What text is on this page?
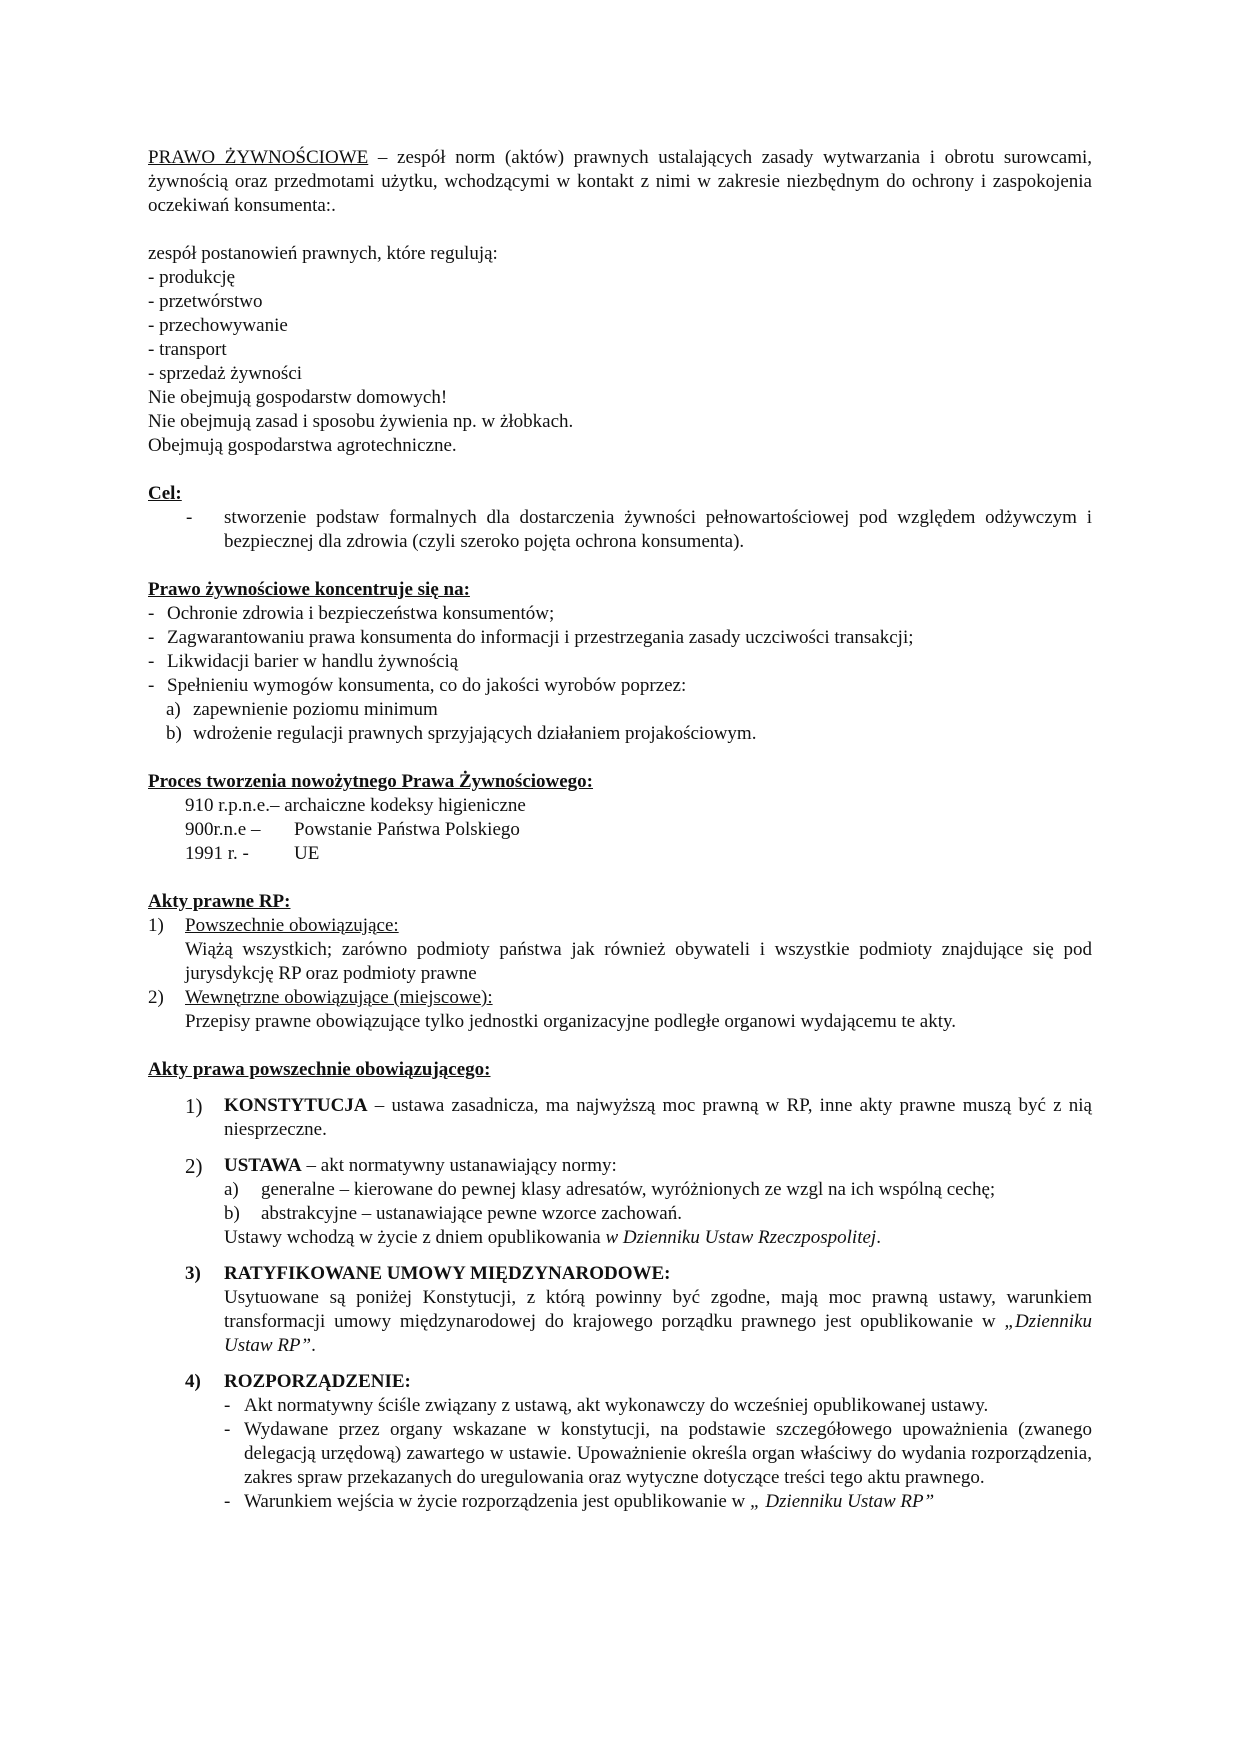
PRAWO ŻYWNOŚCIOWE – zespół norm (aktów) prawnych ustalających zasady wytwarzania i obrotu surowcami, żywnością oraz przedmotami użytku, wchodzącymi w kontakt z nimi w zakresie niezbędnym do ochrony i zaspokojenia oczekiwań konsumenta:.

zespół postanowień prawnych, które regulują:

- produkcję

- przetwórstwo

- przechowywanie

- transport

- sprzedaż żywności

Nie obejmują gospodarstw domowych!

Nie obejmują zasad i sposobu żywienia np. w żłobkach.

Obejmują gospodarstwa agrotechniczne.

Cel:

-	stworzenie podstaw formalnych dla dostarczenia żywności pełnowartościowej pod względem odżywczym i bezpiecznej dla zdrowia (czyli szeroko pojęta ochrona konsumenta).

Prawo żywnościowe koncentruje się na:

- Ochronie zdrowia i bezpieczeństwa konsumentów;
- Zagwarantowaniu prawa konsumenta do informacji i przestrzegania zasady uczciwości transakcji;
- Likwidacji barier w handlu żywnością
- Spełnieniu wymogów konsumenta, co do jakości wyrobów poprzez:
a) zapewnienie poziomu minimum
b) wdrożenie regulacji prawnych sprzyjających działaniem projakościowym.

Proces tworzenia nowożytnego Prawa Żywnościowego:

910 r.p.n.e. – archaiczne kodeksy higieniczne
900r.n.e –	Powstanie Państwa Polskiego
1991 r. -	UE

Akty prawne RP:

1)	Powszechnie obowiązujące:

Wiążą wszystkich; zarówno podmioty państwa jak również obywateli i wszystkie podmioty znajdujące się pod jurysdykcję RP oraz podmioty prawne

2)	Wewnętrzne obowiązujące (miejscowe):

Przepisy prawne obowiązujące tylko jednostki organizacyjne podległe organowi wydającemu te akty.

Akty prawa powszechnie obowiązującego:

1)	KONSTYTUCJA – ustawa zasadnicza, ma najwyższą moc prawną w RP, inne akty prawne muszą być z nią niesprzeczne.

2)	USTAWA – akt normatywny ustanawiający normy:

a)	generalne – kierowane do pewnej klasy adresatów, wyróżnionych ze wzgl na ich wspólną cechę;
b)	abstrakcyjne – ustanawiające pewne wzorce zachowań.

Ustawy wchodzą w życie z dniem opublikowania w Dzienniku Ustaw Rzeczpospolitej.

3)	RATYFIKOWANE UMOWY MIĘDZYNARODOWE:

Usytuowane są poniżej Konstytucji, z którą powinny być zgodne, mają moc prawną ustawy, warunkiem transformacji umowy międzynarodowej do krajowego porządku prawnego jest opublikowanie w „Dzienniku Ustaw RP”.

4)	ROZPORZĄDZENIE:

- Akt normatywny ściśle związany z ustawą, akt wykonawczy do wcześniej opublikowanej ustawy.
- Wydawane przez organy wskazane w konstytucji, na podstawie szczegółowego upoważnienia (zwanego delegacją urzędową) zawartego w ustawie. Upoważnienie określa organ właściwy do wydania rozporządzenia, zakres spraw przekazanych do uregulowania oraz wytyczne dotyczące treści tego aktu prawnego.
- Warunkiem wejścia w życie rozporządzenia jest opublikowanie w „ Dzienniku Ustaw RP”
